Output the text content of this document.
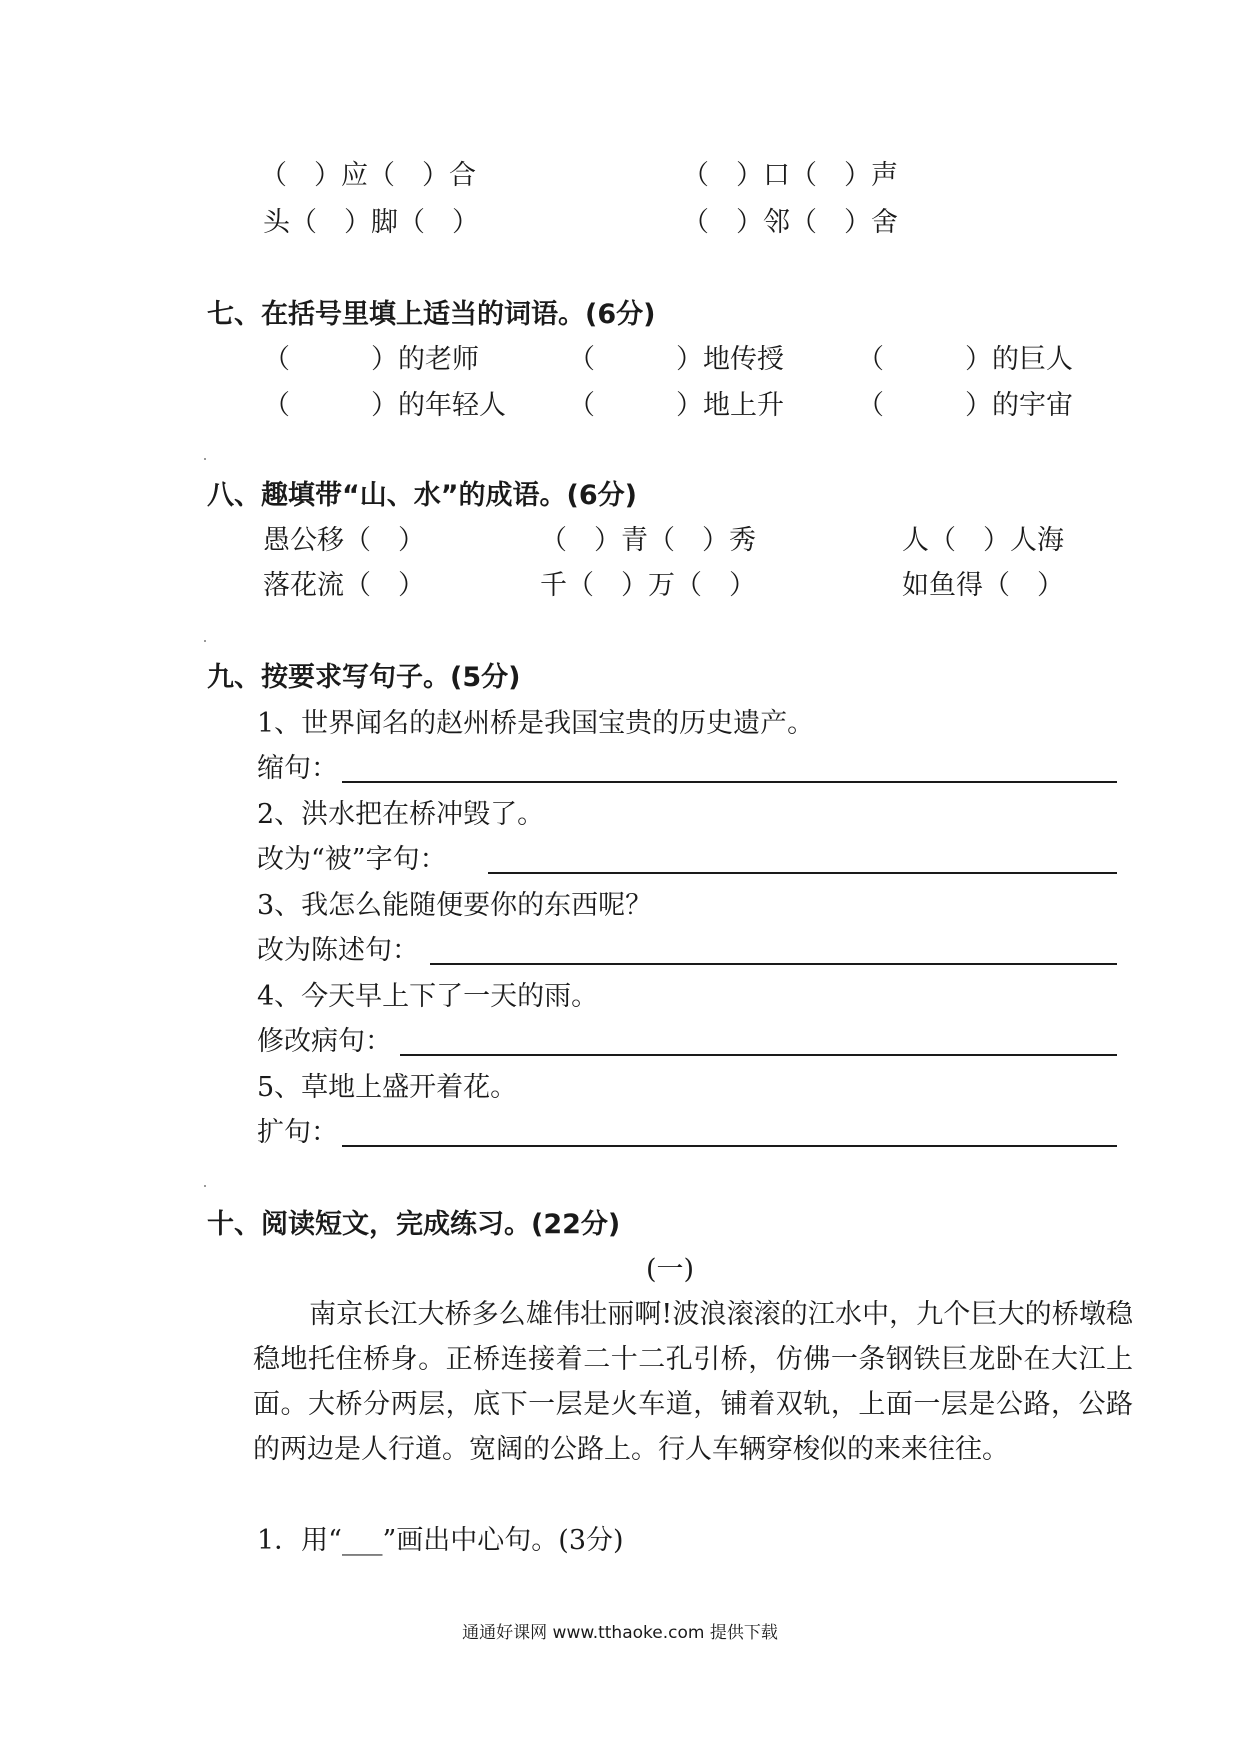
（　）应（　）合	（　）口（　）声
头（　）脚（　）	（　）邻（　）舍
七、在括号里填上适当的词语。(6分)
（　　　）的老师	（　　　）地传授	（　　　）的巨人
（　　　）的年轻人 （　　　）地上升	（　　　）的宇宙
八、趣填带“山、水”的成语。(6分)
愚公移（　）	（　）青（　）秀	人（　）人海
落花流（　）	千（　）万（　）	如鱼得（　）
九、按要求写句子。(5分)
1、世界闻名的赵州桥是我国宝贵的历史遗产。
缩句：
2、洪水把在桥冲毁了。
改为“被”字句：
3、我怎么能随便要你的东西呢？
改为陈述句：
4、今天早上下了一天的雨。
修改病句：
5、草地上盛开着花。
扩句：
十、阅读短文，完成练习。(22分)
(一)
南京长江大桥多么雄伟壮丽啊!波浪滚滚的江水中，九个巨大的桥墩稳稳地托住桥身。正桥连接着二十二孔引桥，仿佛一条钢铁巨龙卧在大江上面。大桥分两层，底下一层是火车道，铺着双轨，上面一层是公路，公路的两边是人行道。宽阔的公路上。行人车辆穿梭似的来来往往。
1．用“___”画出中心句。(3分)
通通好课网 www.tthaoke.com 提供下载
